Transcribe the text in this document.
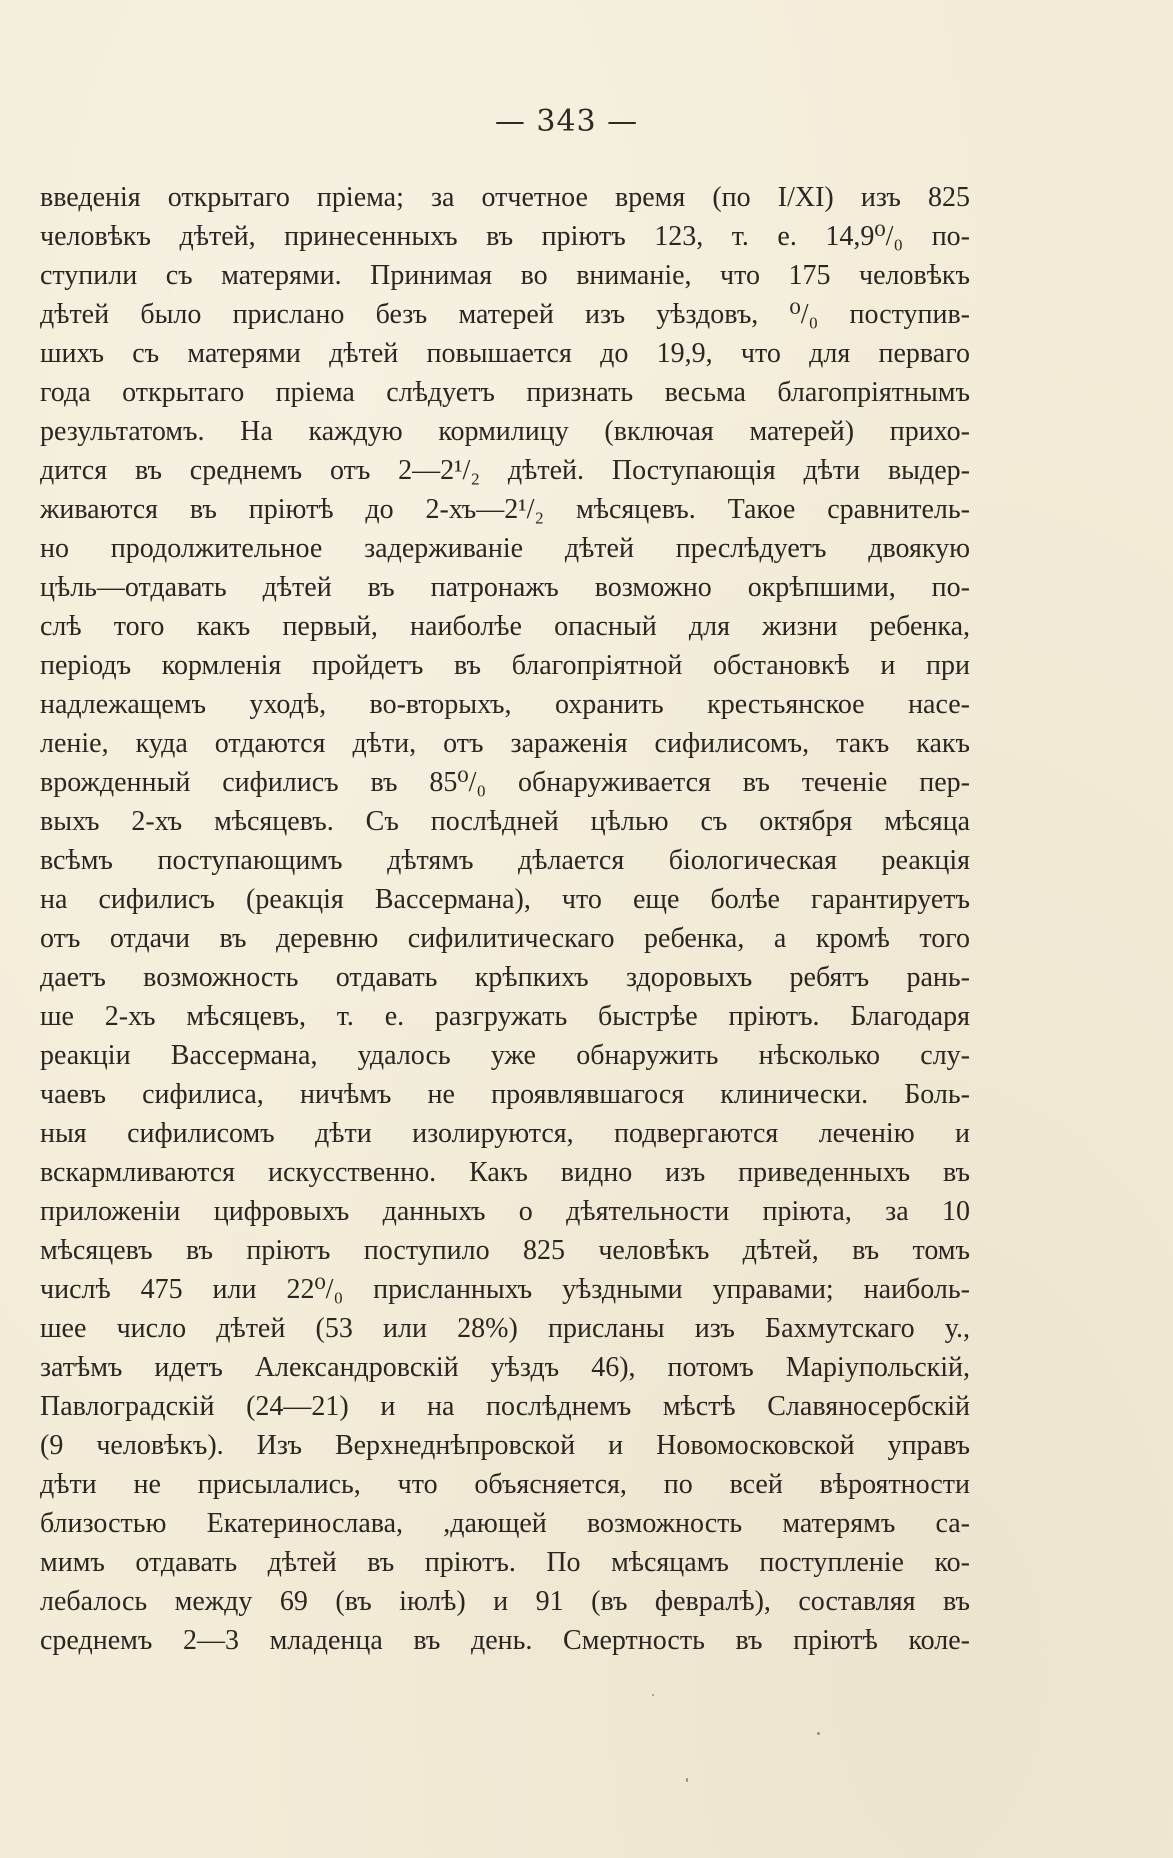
— 343 —
введенія открытаго пріема; за отчетное время (по I/XI) изъ 825
человѣкъ дѣтей, принесенныхъ въ пріютъ 123, т. е. 14,9⁰/₀ по-
ступили съ матерями. Принимая во вниманіе, что 175 человѣкъ
дѣтей было прислано безъ матерей изъ уѣздовъ, ⁰/₀ поступив-
шихъ съ матерями дѣтей повышается до 19,9, что для перваго
года открытаго пріема слѣдуетъ признать весьма благопріятнымъ
результатомъ. На каждую кормилицу (включая матерей) прихо-
дится въ среднемъ отъ 2—2¹/₂ дѣтей. Поступающія дѣти выдер-
живаются въ пріютѣ до 2-хъ—2¹/₂ мѣсяцевъ. Такое сравнитель-
но продолжительное задерживаніе дѣтей преслѣдуетъ двоякую
цѣль—отдавать дѣтей въ патронажъ возможно окрѣпшими, по-
слѣ того какъ первый, наиболѣе опасный для жизни ребенка,
періодъ кормленія пройдетъ въ благопріятной обстановкѣ и при
надлежащемъ уходѣ, во-вторыхъ, охранить крестьянское насе-
леніе, куда отдаются дѣти, отъ зараженія сифилисомъ, такъ какъ
врожденный сифилисъ въ 85⁰/₀ обнаруживается въ теченіе пер-
выхъ 2-хъ мѣсяцевъ. Съ послѣдней цѣлью съ октября мѣсяца
всѣмъ поступающимъ дѣтямъ дѣлается біологическая реакція
на сифилисъ (реакція Вассермана), что еще болѣе гарантируетъ
отъ отдачи въ деревню сифилитическаго ребенка, а кромѣ того
даетъ возможность отдавать крѣпкихъ здоровыхъ ребятъ рань-
ше 2-хъ мѣсяцевъ, т. е. разгружать быстрѣе пріютъ. Благодаря
реакціи Вассермана, удалось уже обнаружить нѣсколько слу-
чаевъ сифилиса, ничѣмъ не проявлявшагося клинически. Боль-
ныя сифилисомъ дѣти изолируются, подвергаются леченію и
вскармливаются искусственно. Какъ видно изъ приведенныхъ въ
приложеніи цифровыхъ данныхъ о дѣятельности пріюта, за 10
мѣсяцевъ въ пріютъ поступило 825 человѣкъ дѣтей, въ томъ
числѣ 475 или 22⁰/₀ присланныхъ уѣздными управами; наиболь-
шее число дѣтей (53 или 28%) присланы изъ Бахмутскаго у.,
затѣмъ идетъ Александровскій уѣздъ 46), потомъ Маріупольскій,
Павлоградскій (24—21) и на послѣднемъ мѣстѣ Славяносербскій
(9 человѣкъ). Изъ Верхнеднѣпровской и Новомосковской управъ
дѣти не присылались, что объясняется, по всей вѣроятности
близостью Екатеринослава, ,дающей возможность матерямъ са-
мимъ отдавать дѣтей въ пріютъ. По мѣсяцамъ поступленіе ко-
лебалось между 69 (въ іюлѣ) и 91 (въ февралѣ), составляя въ
среднемъ 2—3 младенца въ день. Смертность въ пріютѣ коле-
